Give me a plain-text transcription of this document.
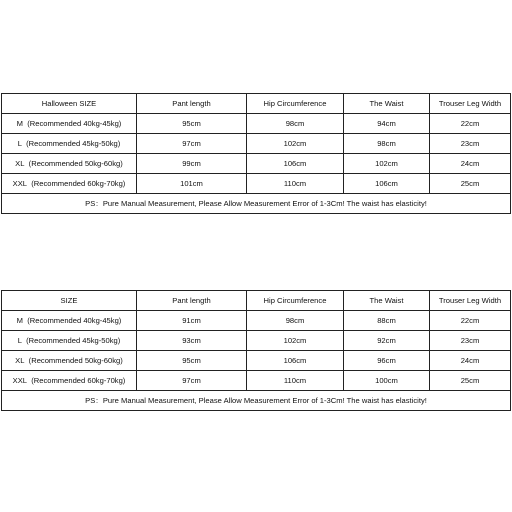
Halloween SIZE	Pant length	Hip Circumference	The Waist	Trouser Leg Width
M  (Recommended 40kg-45kg)	95cm	98cm	94cm	22cm
L  (Recommended 45kg-50kg)	97cm	102cm	98cm	23cm
XL  (Recommended 50kg-60kg)	99cm	106cm	102cm	24cm
XXL  (Recommended 60kg-70kg)	101cm	110cm	106cm	25cm
PS：Pure Manual Measurement, Please Allow Measurement Error of 1-3Cm! The waist has elasticity!				
SIZE	Pant length	Hip Circumference	The Waist	Trouser Leg Width
M  (Recommended 40kg-45kg)	91cm	98cm	88cm	22cm
L  (Recommended 45kg-50kg)	93cm	102cm	92cm	23cm
XL  (Recommended 50kg-60kg)	95cm	106cm	96cm	24cm
XXL  (Recommended 60kg-70kg)	97cm	110cm	100cm	25cm
PS：Pure Manual Measurement, Please Allow Measurement Error of 1-3Cm! The waist has elasticity!				
